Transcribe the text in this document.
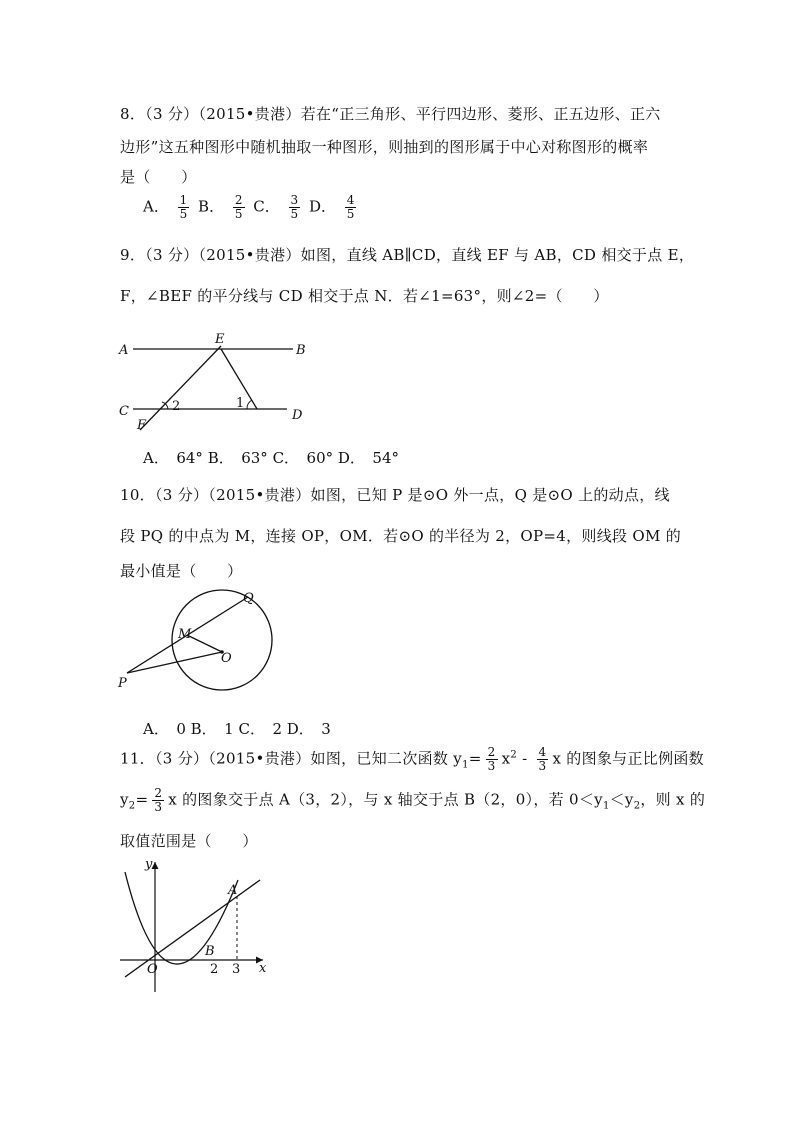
8．（3 分）（2015•贵港）若在“正三角形、平行四边形、菱形、正五边形、正六
边形”这五种图形中随机抽取一种图形，则抽到的图形属于中心对称图形的概率
是（　　）
A． $\frac{1}{5}$ B． $\frac{2}{5}$ C． $\frac{3}{5}$ D． $\frac{4}{5}$
9．（3 分）（2015•贵港）如图，直线 AB∥CD，直线 EF 与 AB，CD 相交于点 E，
F，∠BEF 的平分线与 CD 相交于点 N．若∠1=63°，则∠2=（　　）
A	B
E
C	D
F
1
2
A．　64° B．　63° C．　60° D．　54°
10．（3 分）（2015•贵港）如图，已知 P 是⊙O 外一点，Q 是⊙O 上的动点，线
段 PQ 的中点为 M，连接 OP，OM．若⊙O 的半径为 2，OP=4，则线段 OM 的
最小值是（　　）
Q
M
O
P
A．　0 B．　1 C．　2 D．　3
11．（3 分）（2015•贵港）如图，已知二次函数 $y_1= \frac{2}{3} x^2 - \frac{4}{3}$ x 的图象与正比例函数
$y_2= \frac{2}{3}$ x 的图象交于点 A（3，2），与 x 轴交于点 B（2，0），若 $0<y_1<y_2$，则 x 的
取值范围是（　　）
y
x
O
A
B
2 3
